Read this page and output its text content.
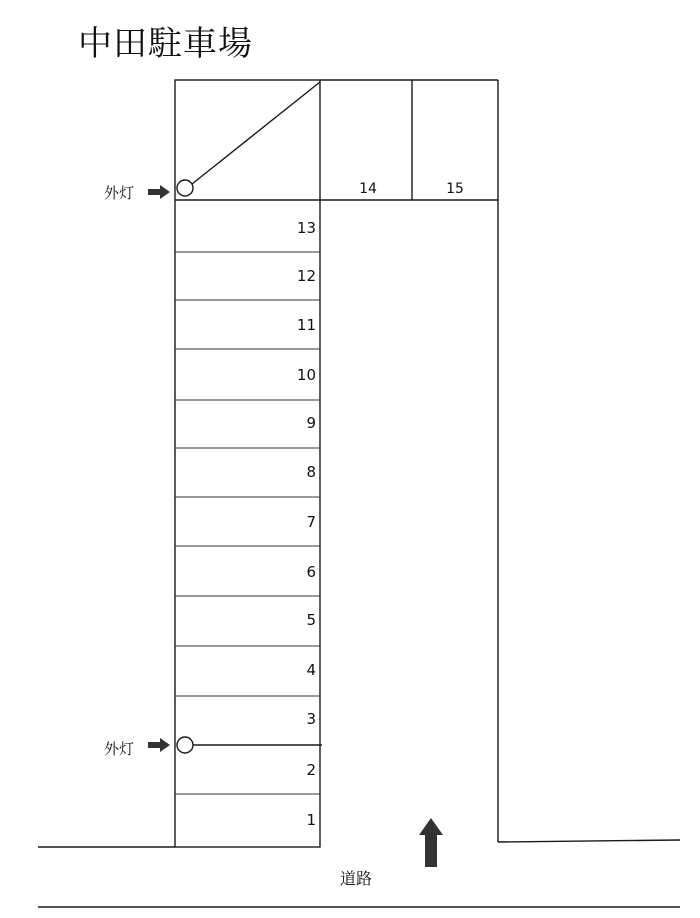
中田駐車場
13
12
11
10
9
8
7
6
5
4
3
2
1
14	15
外灯
外灯
道路
